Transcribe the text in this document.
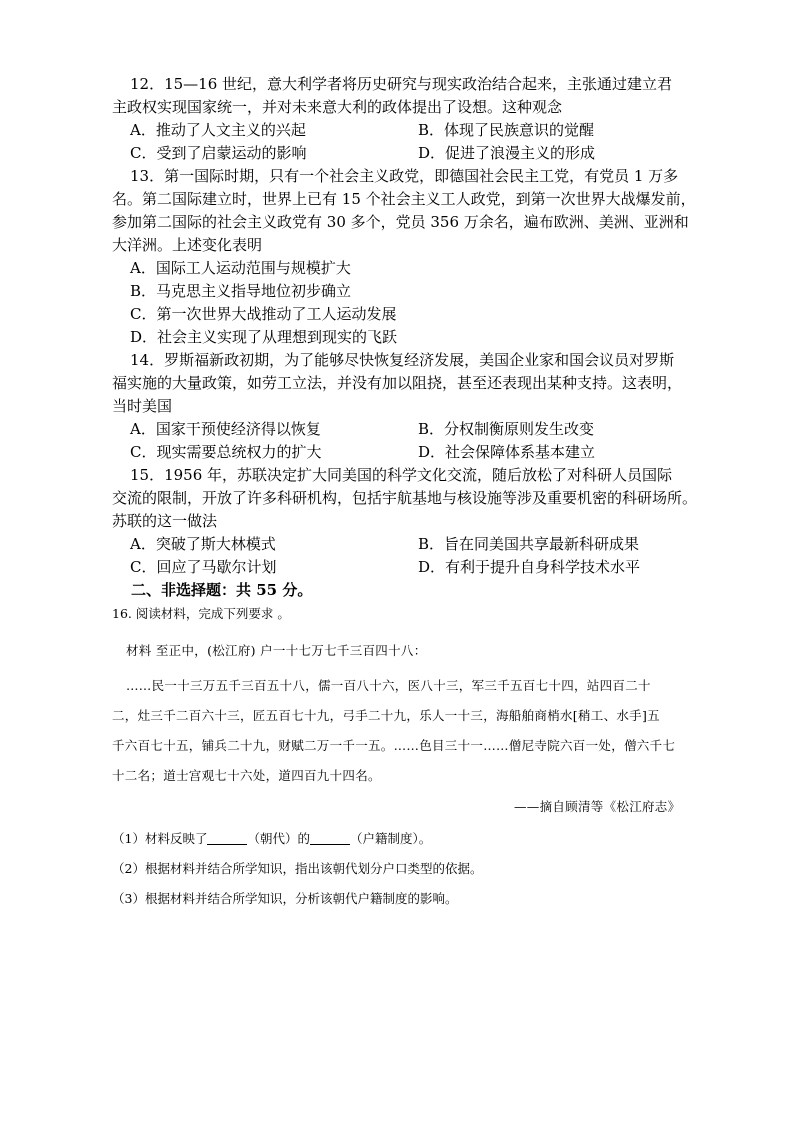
12．15—16 世纪，意大利学者将历史研究与现实政治结合起来，主张通过建立君
主政权实现国家统一，并对未来意大利的政体提出了设想。这种观念
A．推动了人文主义的兴起	B．体现了民族意识的觉醒
C．受到了启蒙运动的影响	D．促进了浪漫主义的形成
13．第一国际时期，只有一个社会主义政党，即德国社会民主工党，有党员 1 万多
名。第二国际建立时，世界上已有 15 个社会主义工人政党，到第一次世界大战爆发前，
参加第二国际的社会主义政党有 30 多个，党员 356 万余名，遍布欧洲、美洲、亚洲和
大洋洲。上述变化表明
A．国际工人运动范围与规模扩大
B．马克思主义指导地位初步确立
C．第一次世界大战推动了工人运动发展
D．社会主义实现了从理想到现实的飞跃
14．罗斯福新政初期，为了能够尽快恢复经济发展，美国企业家和国会议员对罗斯
福实施的大量政策，如劳工立法，并没有加以阻挠，甚至还表现出某种支持。这表明，
当时美国
A．国家干预使经济得以恢复	B．分权制衡原则发生改变
C．现实需要总统权力的扩大	D．社会保障体系基本建立
15．1956 年，苏联决定扩大同美国的科学文化交流，随后放松了对科研人员国际
交流的限制，开放了许多科研机构，包括宇航基地与核设施等涉及重要机密的科研场所。
苏联的这一做法
A．突破了斯大林模式	B．旨在同美国共享最新科研成果
C．回应了马歇尔计划	D．有利于提升自身科学技术水平
二、非选择题：共 55 分。
16. 阅读材料，完成下列要求 。
材料 至正中，(松江府) 户一十七万七千三百四十八：
……民一十三万五千三百五十八，儒一百八十六，医八十三，军三千五百七十四，站四百二十
二，灶三千二百六十三，匠五百七十九，弓手二十九，乐人一十三，海船舶商梢水[稍工、水手]五
千六百七十五，铺兵二十九，财赋二万一千一五。……色目三十一……僧尼寺院六百一处，僧六千七
十二名；道士宫观七十六处，道四百九十四名。
——摘自顾清等《松江府志》
（1）材料反映了	（朝代）的	（户籍制度）。
（2）根据材料并结合所学知识，指出该朝代划分户口类型的依据。
（3）根据材料并结合所学知识，分析该朝代户籍制度的影响。
